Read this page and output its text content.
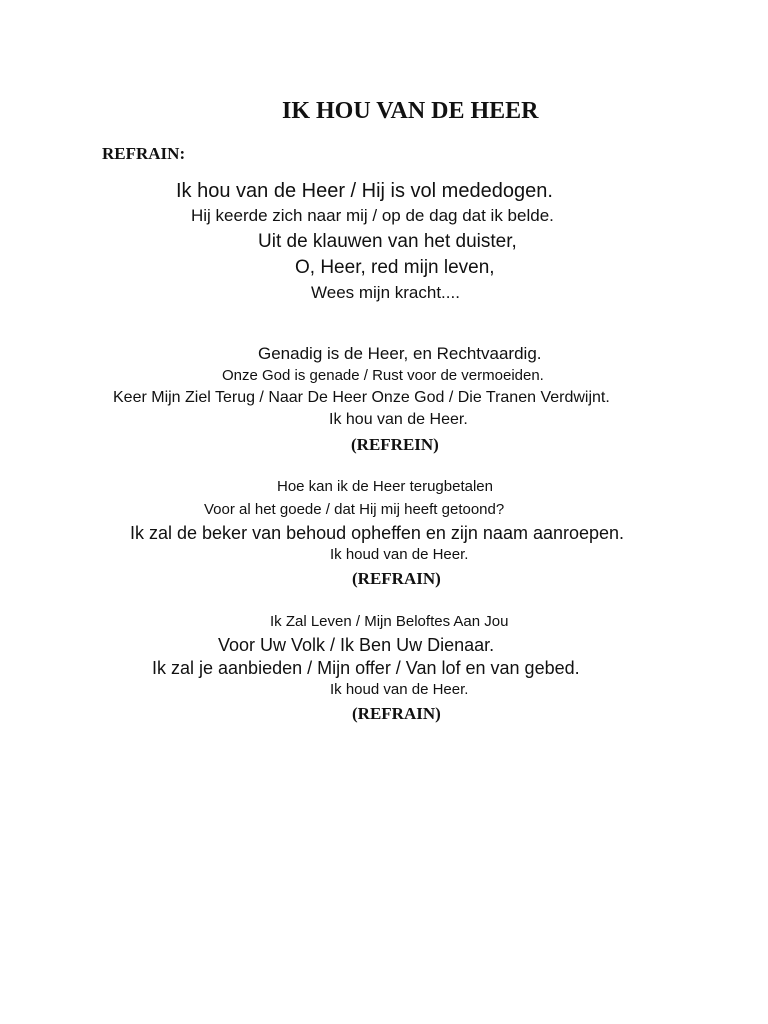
IK HOU VAN DE HEER
REFRAIN:
Ik hou van de Heer / Hij is vol mededogen.
Hij keerde zich naar mij / op de dag dat ik belde.
Uit de klauwen van het duister,
O, Heer, red mijn leven,
Wees mijn kracht....
Genadig is de Heer, en Rechtvaardig.
Onze God is genade / Rust voor de vermoeiden.
Keer Mijn Ziel Terug / Naar De Heer Onze God / Die Tranen Verdwijnt.
Ik hou van de Heer.
(REFREIN)
Hoe kan ik de Heer terugbetalen
Voor al het goede / dat Hij mij heeft getoond?
Ik zal de beker van behoud opheffen en zijn naam aanroepen.
Ik houd van de Heer.
(REFRAIN)
Ik Zal Leven / Mijn Beloftes Aan Jou
Voor Uw Volk / Ik Ben Uw Dienaar.
Ik zal je aanbieden / Mijn offer / Van lof en van gebed.
Ik houd van de Heer.
(REFRAIN)
